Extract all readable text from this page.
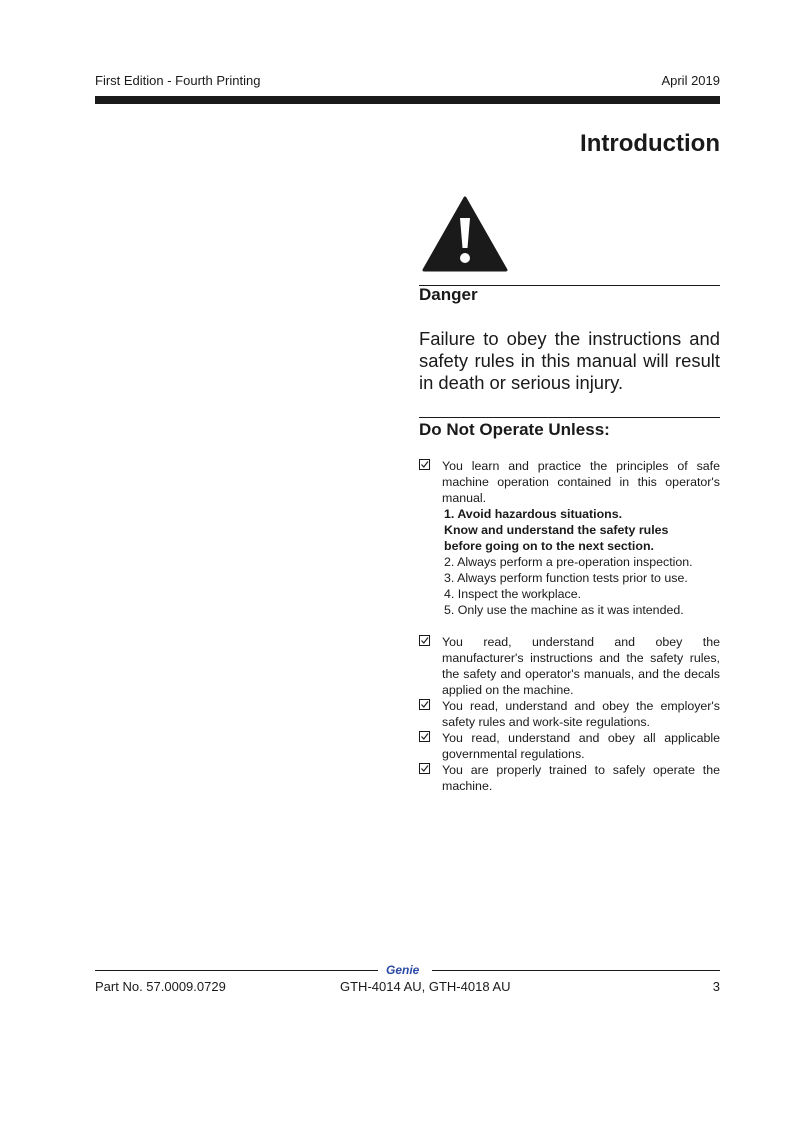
First Edition - Fourth Printing	April 2019
Introduction
Danger
Failure to obey the instructions and safety rules in this manual will result in death or serious injury.
Do Not Operate Unless:
You learn and practice the principles of safe machine operation contained in this operator's manual.
1. Avoid hazardous situations.
Know and understand the safety rules
before going on to the next section.
2. Always perform a pre-operation inspection.
3. Always perform function tests prior to use.
4. Inspect the workplace.
5. Only use the machine as it was intended.
You read, understand and obey the manufacturer's instructions and the safety rules, the safety and operator's manuals, and the decals applied on the machine.
You read, understand and obey the employer's safety rules and work-site regulations.
You read, understand and obey all applicable governmental regulations.
You are properly trained to safely operate the machine.
Genie
Part No. 57.0009.0729	GTH-4014 AU, GTH-4018 AU	3
